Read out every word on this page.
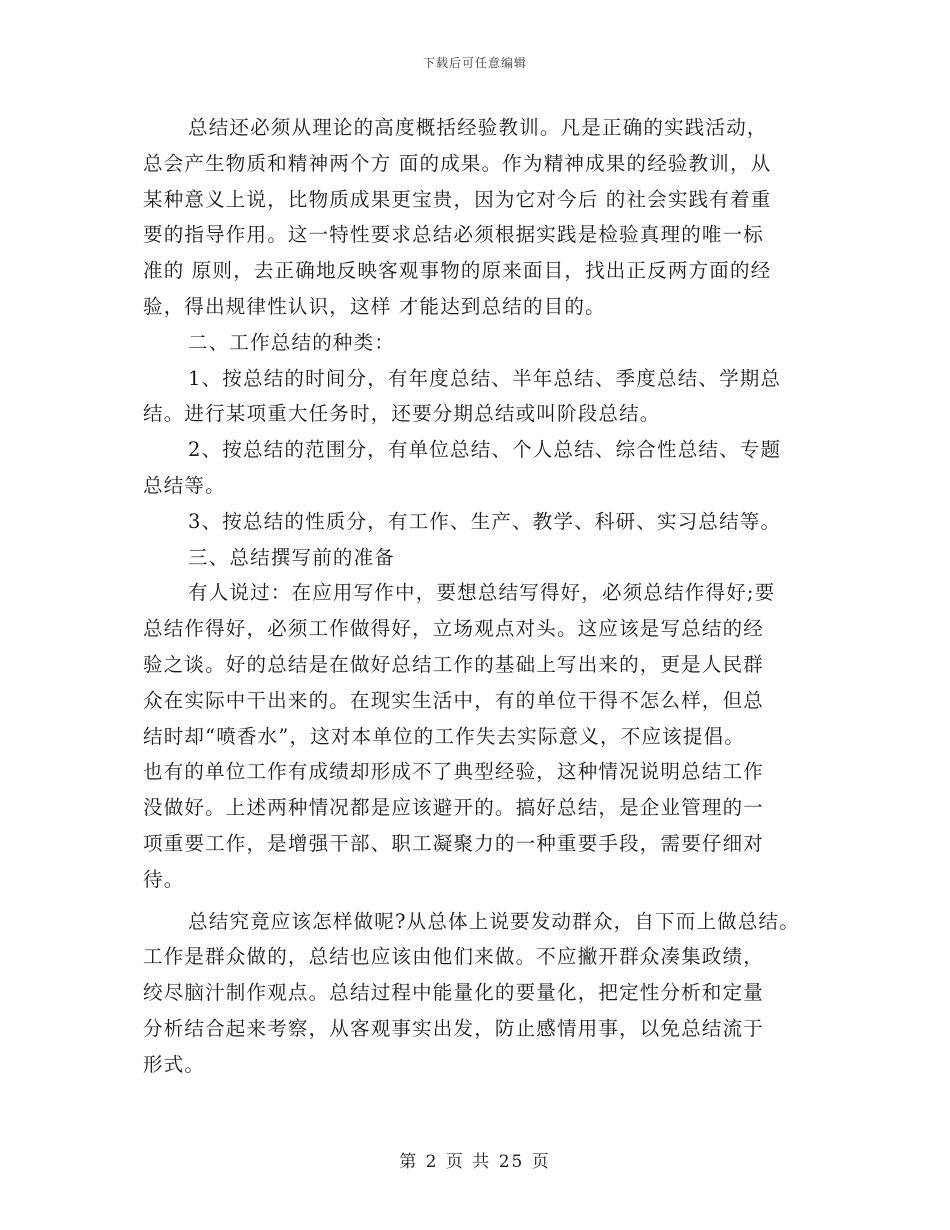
下载后可任意编辑
总结还必须从理论的高度概括经验教训。凡是正确的实践活动，
总会产生物质和精神两个方 面的成果。作为精神成果的经验教训，从
某种意义上说，比物质成果更宝贵，因为它对今后 的社会实践有着重
要的指导作用。这一特性要求总结必须根据实践是检验真理的唯一标
准的 原则，去正确地反映客观事物的原来面目，找出正反两方面的经
验，得出规律性认识，这样 才能达到总结的目的。
二、工作总结的种类：
1、按总结的时间分，有年度总结、半年总结、季度总结、学期总
结。进行某项重大任务时，还要分期总结或叫阶段总结。
2、按总结的范围分，有单位总结、个人总结、综合性总结、专题
总结等。
3、按总结的性质分，有工作、生产、教学、科研、实习总结等。
三、总结撰写前的准备
有人说过：在应用写作中，要想总结写得好，必须总结作得好;要
总结作得好，必须工作做得好，立场观点对头。这应该是写总结的经
验之谈。好的总结是在做好总结工作的基础上写出来的，更是人民群
众在实际中干出来的。在现实生活中，有的单位干得不怎么样，但总
结时却“喷香水”，这对本单位的工作失去实际意义，不应该提倡。
也有的单位工作有成绩却形成不了典型经验，这种情况说明总结工作
没做好。上述两种情况都是应该避开的。搞好总结，是企业管理的一
项重要工作，是增强干部、职工凝聚力的一种重要手段，需要仔细对
待。
总结究竟应该怎样做呢?从总体上说要发动群众，自下而上做总结。
工作是群众做的，总结也应该由他们来做。不应撇开群众凑集政绩，
绞尽脑汁制作观点。总结过程中能量化的要量化，把定性分析和定量
分析结合起来考察，从客观事实出发，防止感情用事，以免总结流于
形式。
第 2 页 共 25 页
